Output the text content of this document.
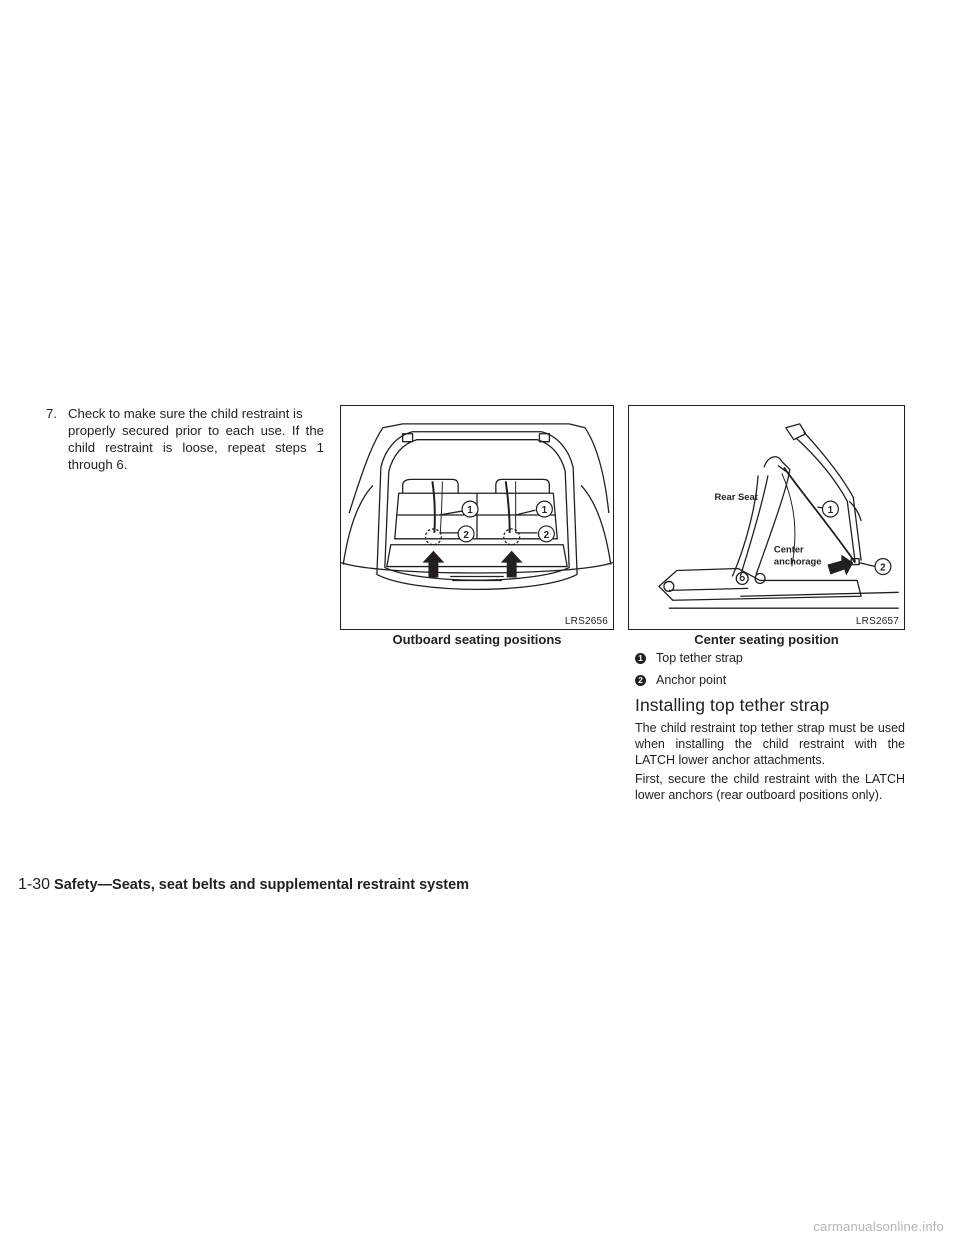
7. Check to make sure the child restraint is
properly secured prior to each use. If the child restraint is loose, repeat steps 1 through 6.
1
2
1
2
LRS2656
Outboard seating positions
Rear Seat
Center
anchorage
1
2
LRS2657
Center seating position
1 Top tether strap
2 Anchor point
Installing top tether strap
The child restraint top tether strap must be used when installing the child restraint with the LATCH lower anchor attachments.
First, secure the child restraint with the LATCH lower anchors (rear outboard positions only).
1-30 Safety—Seats, seat belts and supplemental restraint system
carmanualsonline.info
